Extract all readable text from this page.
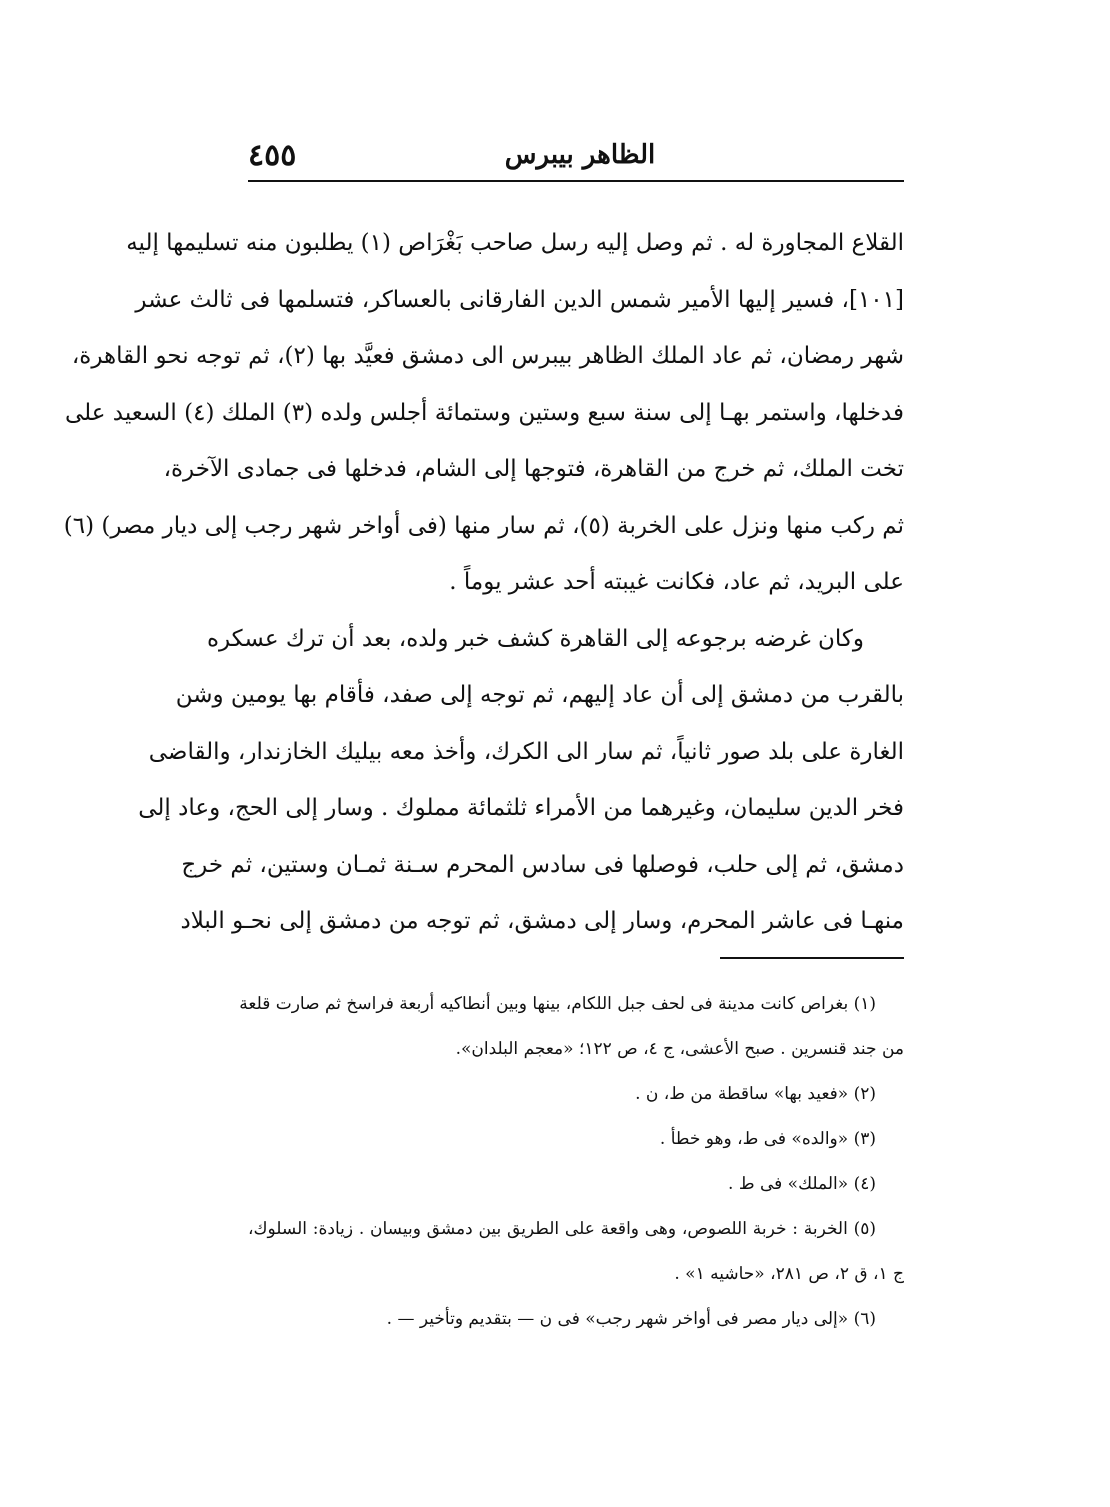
٤٥٥	الظاهر بيبرس
القلاع المجاورة له . ثم وصل إليه رسل صاحب بَغْرَاص (١) يطلبون منه تسليمها إليه
[١٠١]، فسير إليها الأمير شمس الدين الفارقانى بالعساكر، فتسلمها فى ثالث عشر
شهر رمضان، ثم عاد الملك الظاهر بيبرس الى دمشق فعيَّد بها (٢)، ثم توجه نحو القاهرة،
فدخلها، واستمر بهـا إلى سنة سبع وستين وستمائة أجلس ولده (٣) الملك (٤) السعيد على
تخت الملك، ثم خرج من القاهرة، فتوجها إلى الشام، فدخلها فى جمادى الآخرة،
ثم ركب منها ونزل على الخربة (٥)، ثم سار منها (فى أواخر شهر رجب إلى ديار مصر) (٦)
على البريد، ثم عاد، فكانت غيبته أحد عشر يوماً .
وكان غرضه برجوعه إلى القاهرة كشف خبر ولده، بعد أن ترك عسكره
بالقرب من دمشق إلى أن عاد إليهم، ثم توجه إلى صفد، فأقام بها يومين وشن
الغارة على بلد صور ثانياً، ثم سار الى الكرك، وأخذ معه بيليك الخازندار، والقاضى
فخر الدين سليمان، وغيرهما من الأمراء ثلثمائة مملوك . وسار إلى الحج، وعاد إلى
دمشق، ثم إلى حلب، فوصلها فى سادس المحرم سـنة ثمـان وستين، ثم خرج
منهـا فى عاشر المحرم، وسار إلى دمشق، ثم توجه من دمشق إلى نحـو البلاد
(١) بغراص كانت مدينة فى لحف جبل اللكام، بينها وبين أنطاكيه أربعة فراسخ ثم صارت قلعة
من جند قنسرين . صبح الأعشى، ج ٤، ص ١٢٢؛ «معجم البلدان».
(٢) «فعيد بها» ساقطة من ط، ن .
(٣) «والده» فى ط، وهو خطأ .
(٤) «الملك» فى ط .
(٥) الخربة : خربة اللصوص، وهى واقعة على الطريق بين دمشق وبيسان . زيادة: السلوك،
ج ١، ق ٢، ص ٢٨١، «حاشيه ١» .
(٦) «إلى ديار مصر فى أواخر شهر رجب» فى ن — بتقديم وتأخير — .
